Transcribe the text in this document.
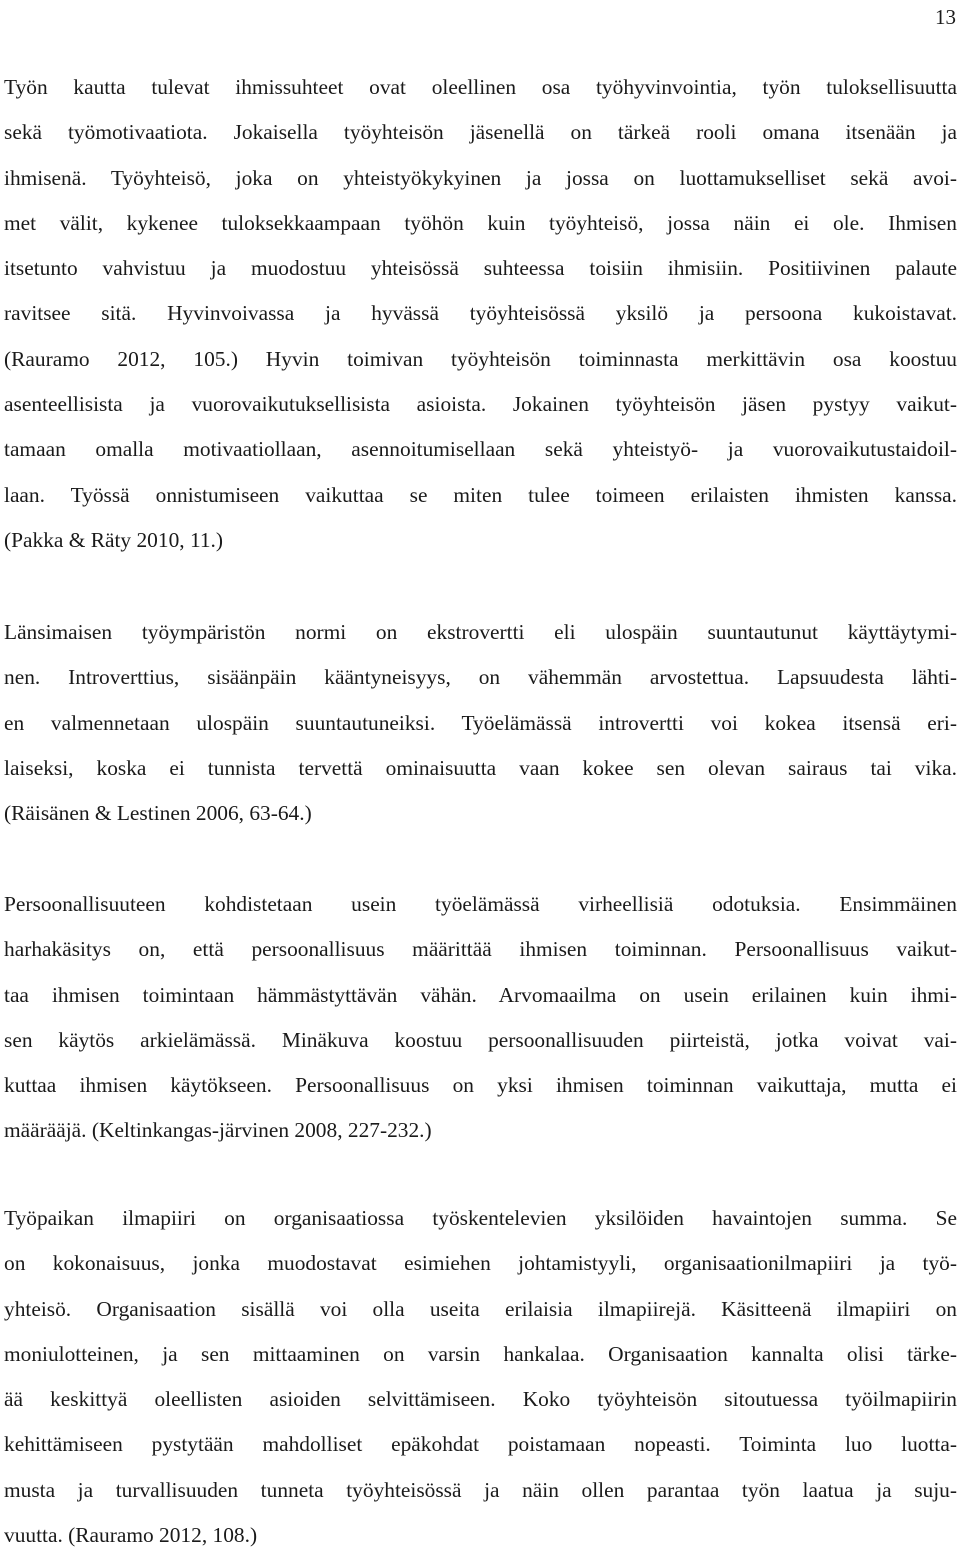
13
Työn kautta tulevat ihmissuhteet ovat oleellinen osa työhyvinvointia, työn tuloksellisuutta
sekä työmotivaatiota. Jokaisella työyhteisön jäsenellä on tärkeä rooli omana itsenään ja
ihmisenä. Työyhteisö, joka on yhteistyökykyinen ja jossa on luottamukselliset sekä avoi-
met välit, kykenee tuloksekkaampaan työhön kuin työyhteisö, jossa näin ei ole. Ihmisen
itsetunto vahvistuu ja muodostuu yhteisössä suhteessa toisiin ihmisiin. Positiivinen palaute
ravitsee sitä. Hyvinvoivassa ja hyvässä työyhteisössä yksilö ja persoona kukoistavat.
(Rauramo 2012, 105.) Hyvin toimivan työyhteisön toiminnasta merkittävin osa koostuu
asenteellisista ja vuorovaikutuksellisista asioista. Jokainen työyhteisön jäsen pystyy vaikut-
tamaan omalla motivaatiollaan, asennoitumisellaan sekä yhteistyö- ja vuorovaikutustaidoil-
laan. Työssä onnistumiseen vaikuttaa se miten tulee toimeen erilaisten ihmisten kanssa.
(Pakka & Räty 2010, 11.)
Länsimaisen työympäristön normi on ekstrovertti eli ulospäin suuntautunut käyttäytymi-
nen. Introverttius, sisäänpäin kääntyneisyys, on vähemmän arvostettua. Lapsuudesta lähti-
en valmennetaan ulospäin suuntautuneiksi. Työelämässä introvertti voi kokea itsensä eri-
laiseksi, koska ei tunnista tervettä ominaisuutta vaan kokee sen olevan sairaus tai vika.
(Räisänen & Lestinen 2006, 63-64.)
Persoonallisuuteen kohdistetaan usein työelämässä virheellisiä odotuksia. Ensimmäinen
harhakäsitys on, että persoonallisuus määrittää ihmisen toiminnan. Persoonallisuus vaikut-
taa ihmisen toimintaan hämmästyttävän vähän. Arvomaailma on usein erilainen kuin ihmi-
sen käytös arkielämässä. Minäkuva koostuu persoonallisuuden piirteistä, jotka voivat vai-
kuttaa ihmisen käytökseen. Persoonallisuus on yksi ihmisen toiminnan vaikuttaja, mutta ei
määrääjä. (Keltinkangas-järvinen 2008, 227-232.)
Työpaikan ilmapiiri on organisaatiossa työskentelevien yksilöiden havaintojen summa. Se
on kokonaisuus, jonka muodostavat esimiehen johtamistyyli, organisaationilmapiiri ja työ-
yhteisö. Organisaation sisällä voi olla useita erilaisia ilmapiirejä. Käsitteenä ilmapiiri on
moniulotteinen, ja sen mittaaminen on varsin hankalaa. Organisaation kannalta olisi tärke-
ää keskittyä oleellisten asioiden selvittämiseen. Koko työyhteisön sitoutuessa työilmapiirin
kehittämiseen pystytään mahdolliset epäkohdat poistamaan nopeasti. Toiminta luo luotta-
musta ja turvallisuuden tunneta työyhteisössä ja näin ollen parantaa työn laatua ja suju-
vuutta. (Rauramo 2012, 108.)
